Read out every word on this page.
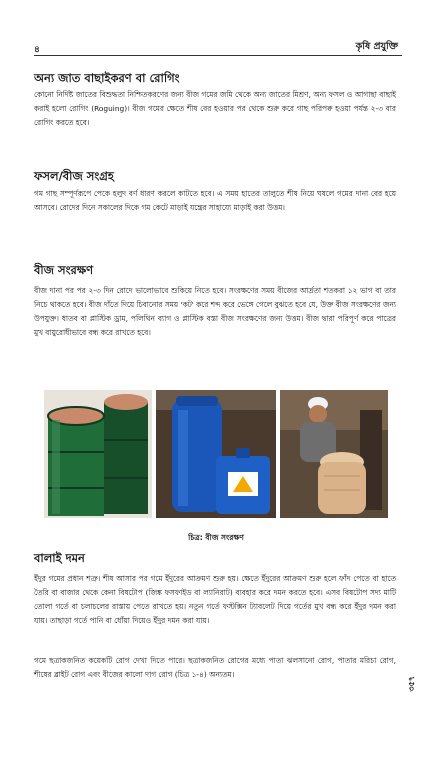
৪	কৃষি প্রযুক্তি
অন্য জাত বাছাইকরণ বা রোগিং

কোনো নির্দিষ্ট জাতের বিশুদ্ধতা নিশ্চিতকরণের জন্য বীজ গমের জমি থেকে অন্য জাতের মিশ্রণ, অন্য ফসল ও আগাছা বাছাই করাই হলো রোগিং (Roguing)। বীজ গমের ক্ষেতে শীষ বের হওয়ার পর থেকে শুরু করে গাছ পরিপক্ব হওয়া পর্যন্ত ২-৩ বার রোগিং করতে হবে।

ফসল/বীজ সংগ্রহ

গম গাছ সম্পূর্ণরূপে পেকে হলুদ বর্ণ ধারণ করলে কাটতে হবে। এ সময় হাতের তালুতে শীষ নিয়ে ঘষলে গমের দানা বের হয়ে আসবে। রোদের দিনে সকালের দিকে গম কেটে মাড়াই যন্ত্রের সাহায্যে মাড়াই করা উত্তম।

বীজ সংরক্ষণ

বীজ দানা পর পর ২-৩ দিন রোদে ভালোভাবে শুকিয়ে নিতে হবে। সংরক্ষণের সময় বীজের আর্দ্রতা শতকরা ১২ ভাগ বা তার নিচে থাকতে হবে। বীজ দাঁতে দিয়ে চিবানোর সময় 'কট' করে শব্দ করে ভেঙ্গে গেলে বুঝতে হবে যে, উক্ত বীজ সংরক্ষণের জন্য উপযুক্ত। ধাতব বা প্লাস্টিক ড্রাম, পলিথিন ব্যাগ ও প্লাস্টিক বস্তা বীজ সংরক্ষণের জন্য উত্তম। বীজ দ্বারা পরিপূর্ণ করে পাত্রের মুখ বায়ুরোধীভাবে বন্ধ করে রাখতে হবে।

চিত্র: বীজ সংরক্ষণ
বালাই দমন

ইঁদুর গমের প্রধান শত্রু। শীষ আসার পর গমে ইঁদুরের আক্রমণ শুরু হয়। ক্ষেতে ইঁদুরের আক্রমণ শুরু হলে ফাঁদ পেতে বা হাতে তৈরি বা বাজার থেকে কেনা বিষটোপ (জিঙ্ক ফসফাইড বা ল্যানিরাট) ব্যবহার করে দমন করতে হবে। এসব বিষটোপ সদ্য মাটি তোলা গর্তে বা চলাচলের রাস্তায় পেতে রাখতে হয়। নতুন গর্তে ফস্টক্সিন ট্যাবলেট দিয়ে গর্তের মুখ বন্ধ করে ইঁদুর দমন করা যায়। তাছাড়া গর্তে পানি বা ধোঁয়া দিয়েও ইঁদুর দমন করা যায়।

গমে ছত্রাকজনিত কয়েকটি রোগ দেখা দিতে পারে। ছত্রাকজনিত রোগের মধ্যে পাতা ঝলসানো রোগ, পাতার মরিচা রোগ, শীষের ব্লাইট রোগ এবং বীজের কালো দাগ রোগ (চিত্র ১-৪) অন্যতম।

৩৫৭
